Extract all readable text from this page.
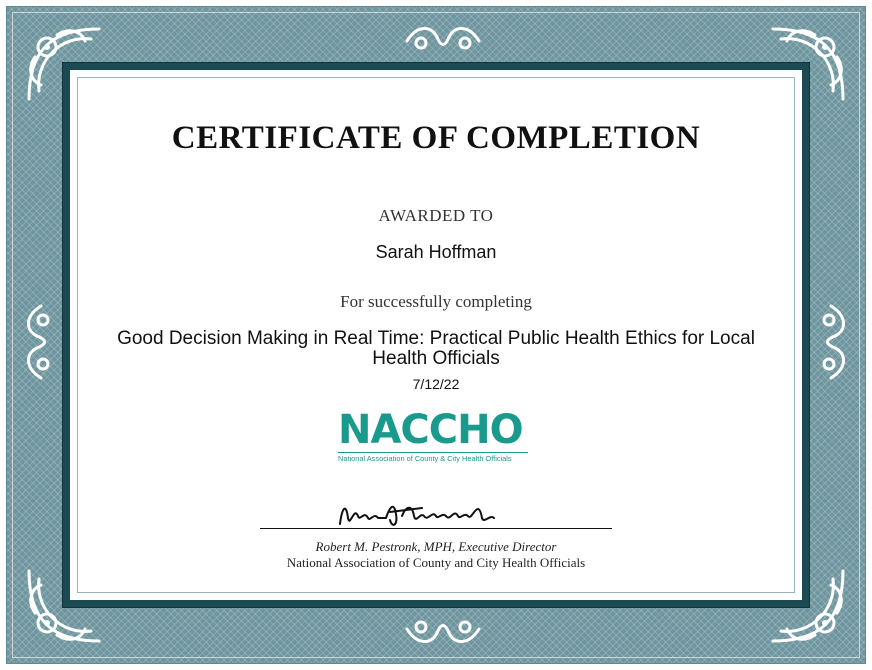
CERTIFICATE OF COMPLETION
AWARDED TO
Sarah Hoffman
For successfully completing
Good Decision Making in Real Time: Practical Public Health Ethics for Local Health Officials
7/12/22
NACCHO
National Association of County & City Health Officials
Robert M. Pestronk, MPH, Executive Director
National Association of County and City Health Officials
